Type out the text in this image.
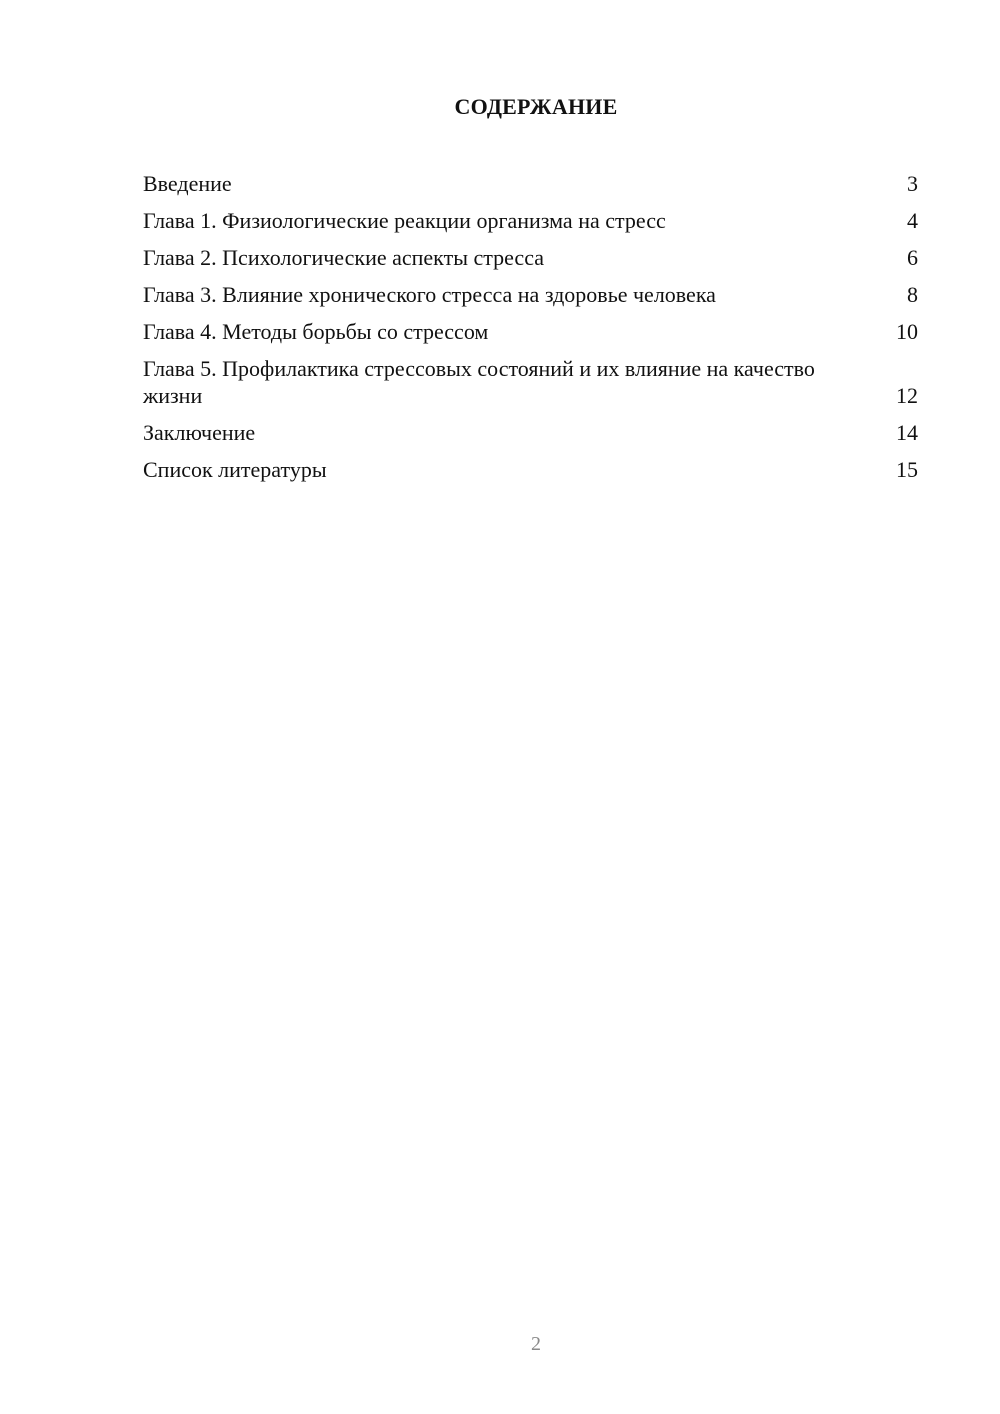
СОДЕРЖАНИЕ
Введение	3
Глава 1. Физиологические реакции организма на стресс	4
Глава 2. Психологические аспекты стресса	6
Глава 3. Влияние хронического стресса на здоровье человека	8
Глава 4. Методы борьбы со стрессом	10
Глава 5. Профилактика стрессовых состояний и их влияние на качество жизни	12
Заключение	14
Список литературы	15
2
